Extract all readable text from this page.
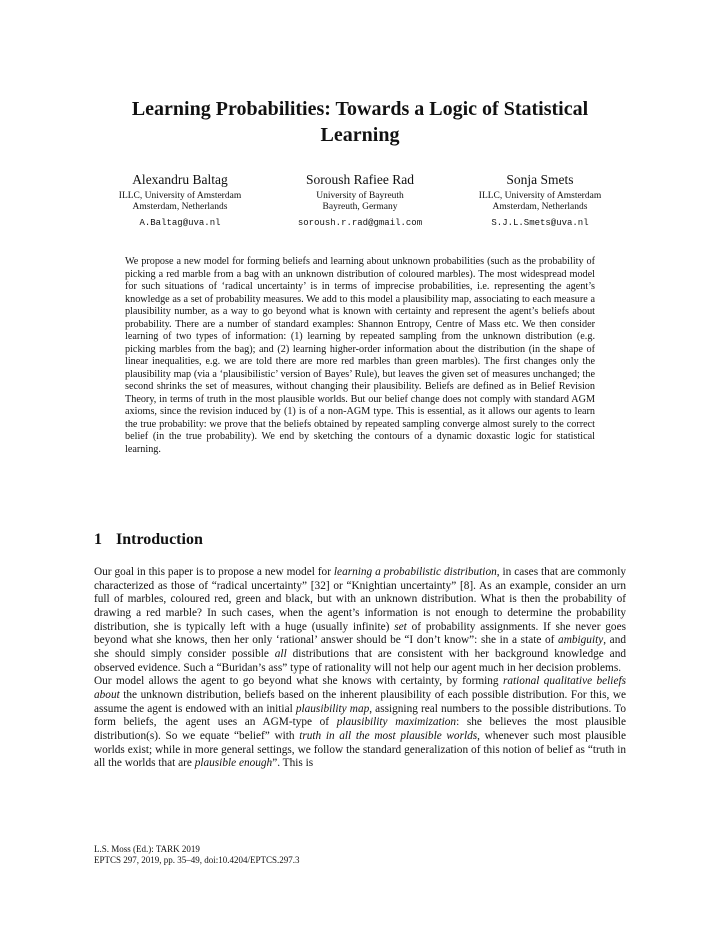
Learning Probabilities: Towards a Logic of Statistical Learning
Alexandru Baltag
ILLC, University of Amsterdam
Amsterdam, Netherlands
A.Baltag@uva.nl
Soroush Rafiee Rad
University of Bayreuth
Bayreuth, Germany
soroush.r.rad@gmail.com
Sonja Smets
ILLC, University of Amsterdam
Amsterdam, Netherlands
S.J.L.Smets@uva.nl
We propose a new model for forming beliefs and learning about unknown probabilities (such as the probability of picking a red marble from a bag with an unknown distribution of coloured marbles). The most widespread model for such situations of ‘radical uncertainty’ is in terms of imprecise probabilities, i.e. representing the agent’s knowledge as a set of probability measures. We add to this model a plausibility map, associating to each measure a plausibility number, as a way to go beyond what is known with certainty and represent the agent’s beliefs about probability. There are a number of standard examples: Shannon Entropy, Centre of Mass etc. We then consider learning of two types of information: (1) learning by repeated sampling from the unknown distribution (e.g. picking marbles from the bag); and (2) learning higher-order information about the distribution (in the shape of linear inequalities, e.g. we are told there are more red marbles than green marbles). The first changes only the plausibility map (via a ‘plausibilistic’ version of Bayes’ Rule), but leaves the given set of measures unchanged; the second shrinks the set of measures, without changing their plausibility. Beliefs are defined as in Belief Revision Theory, in terms of truth in the most plausible worlds. But our belief change does not comply with standard AGM axioms, since the revision induced by (1) is of a non-AGM type. This is essential, as it allows our agents to learn the true probability: we prove that the beliefs obtained by repeated sampling converge almost surely to the correct belief (in the true probability). We end by sketching the contours of a dynamic doxastic logic for statistical learning.
1 Introduction

Our goal in this paper is to propose a new model for learning a probabilistic distribution, in cases that are commonly characterized as those of “radical uncertainty” [32] or “Knightian uncertainty” [8]. As an example, consider an urn full of marbles, coloured red, green and black, but with an unknown distribution. What is then the probability of drawing a red marble? In such cases, when the agent’s information is not enough to determine the probability distribution, she is typically left with a huge (usually infinite) set of probability assignments. If she never goes beyond what she knows, then her only ‘rational’ answer should be “I don’t know”: she in a state of ambiguity, and she should simply consider possible all distributions that are consistent with her background knowledge and observed evidence. Such a “Buridan’s ass” type of rationality will not help our agent much in her decision problems.

Our model allows the agent to go beyond what she knows with certainty, by forming rational qualitative beliefs about the unknown distribution, beliefs based on the inherent plausibility of each possible distribution. For this, we assume the agent is endowed with an initial plausibility map, assigning real numbers to the possible distributions. To form beliefs, the agent uses an AGM-type of plausibility maximization: she believes the most plausible distribution(s). So we equate “belief” with truth in all the most plausible worlds, whenever such most plausible worlds exist; while in more general settings, we follow the standard generalization of this notion of belief as “truth in all the worlds that are plausible enough”. This is

L.S. Moss (Ed.): TARK 2019
EPTCS 297, 2019, pp. 35–49, doi:10.4204/EPTCS.297.3
